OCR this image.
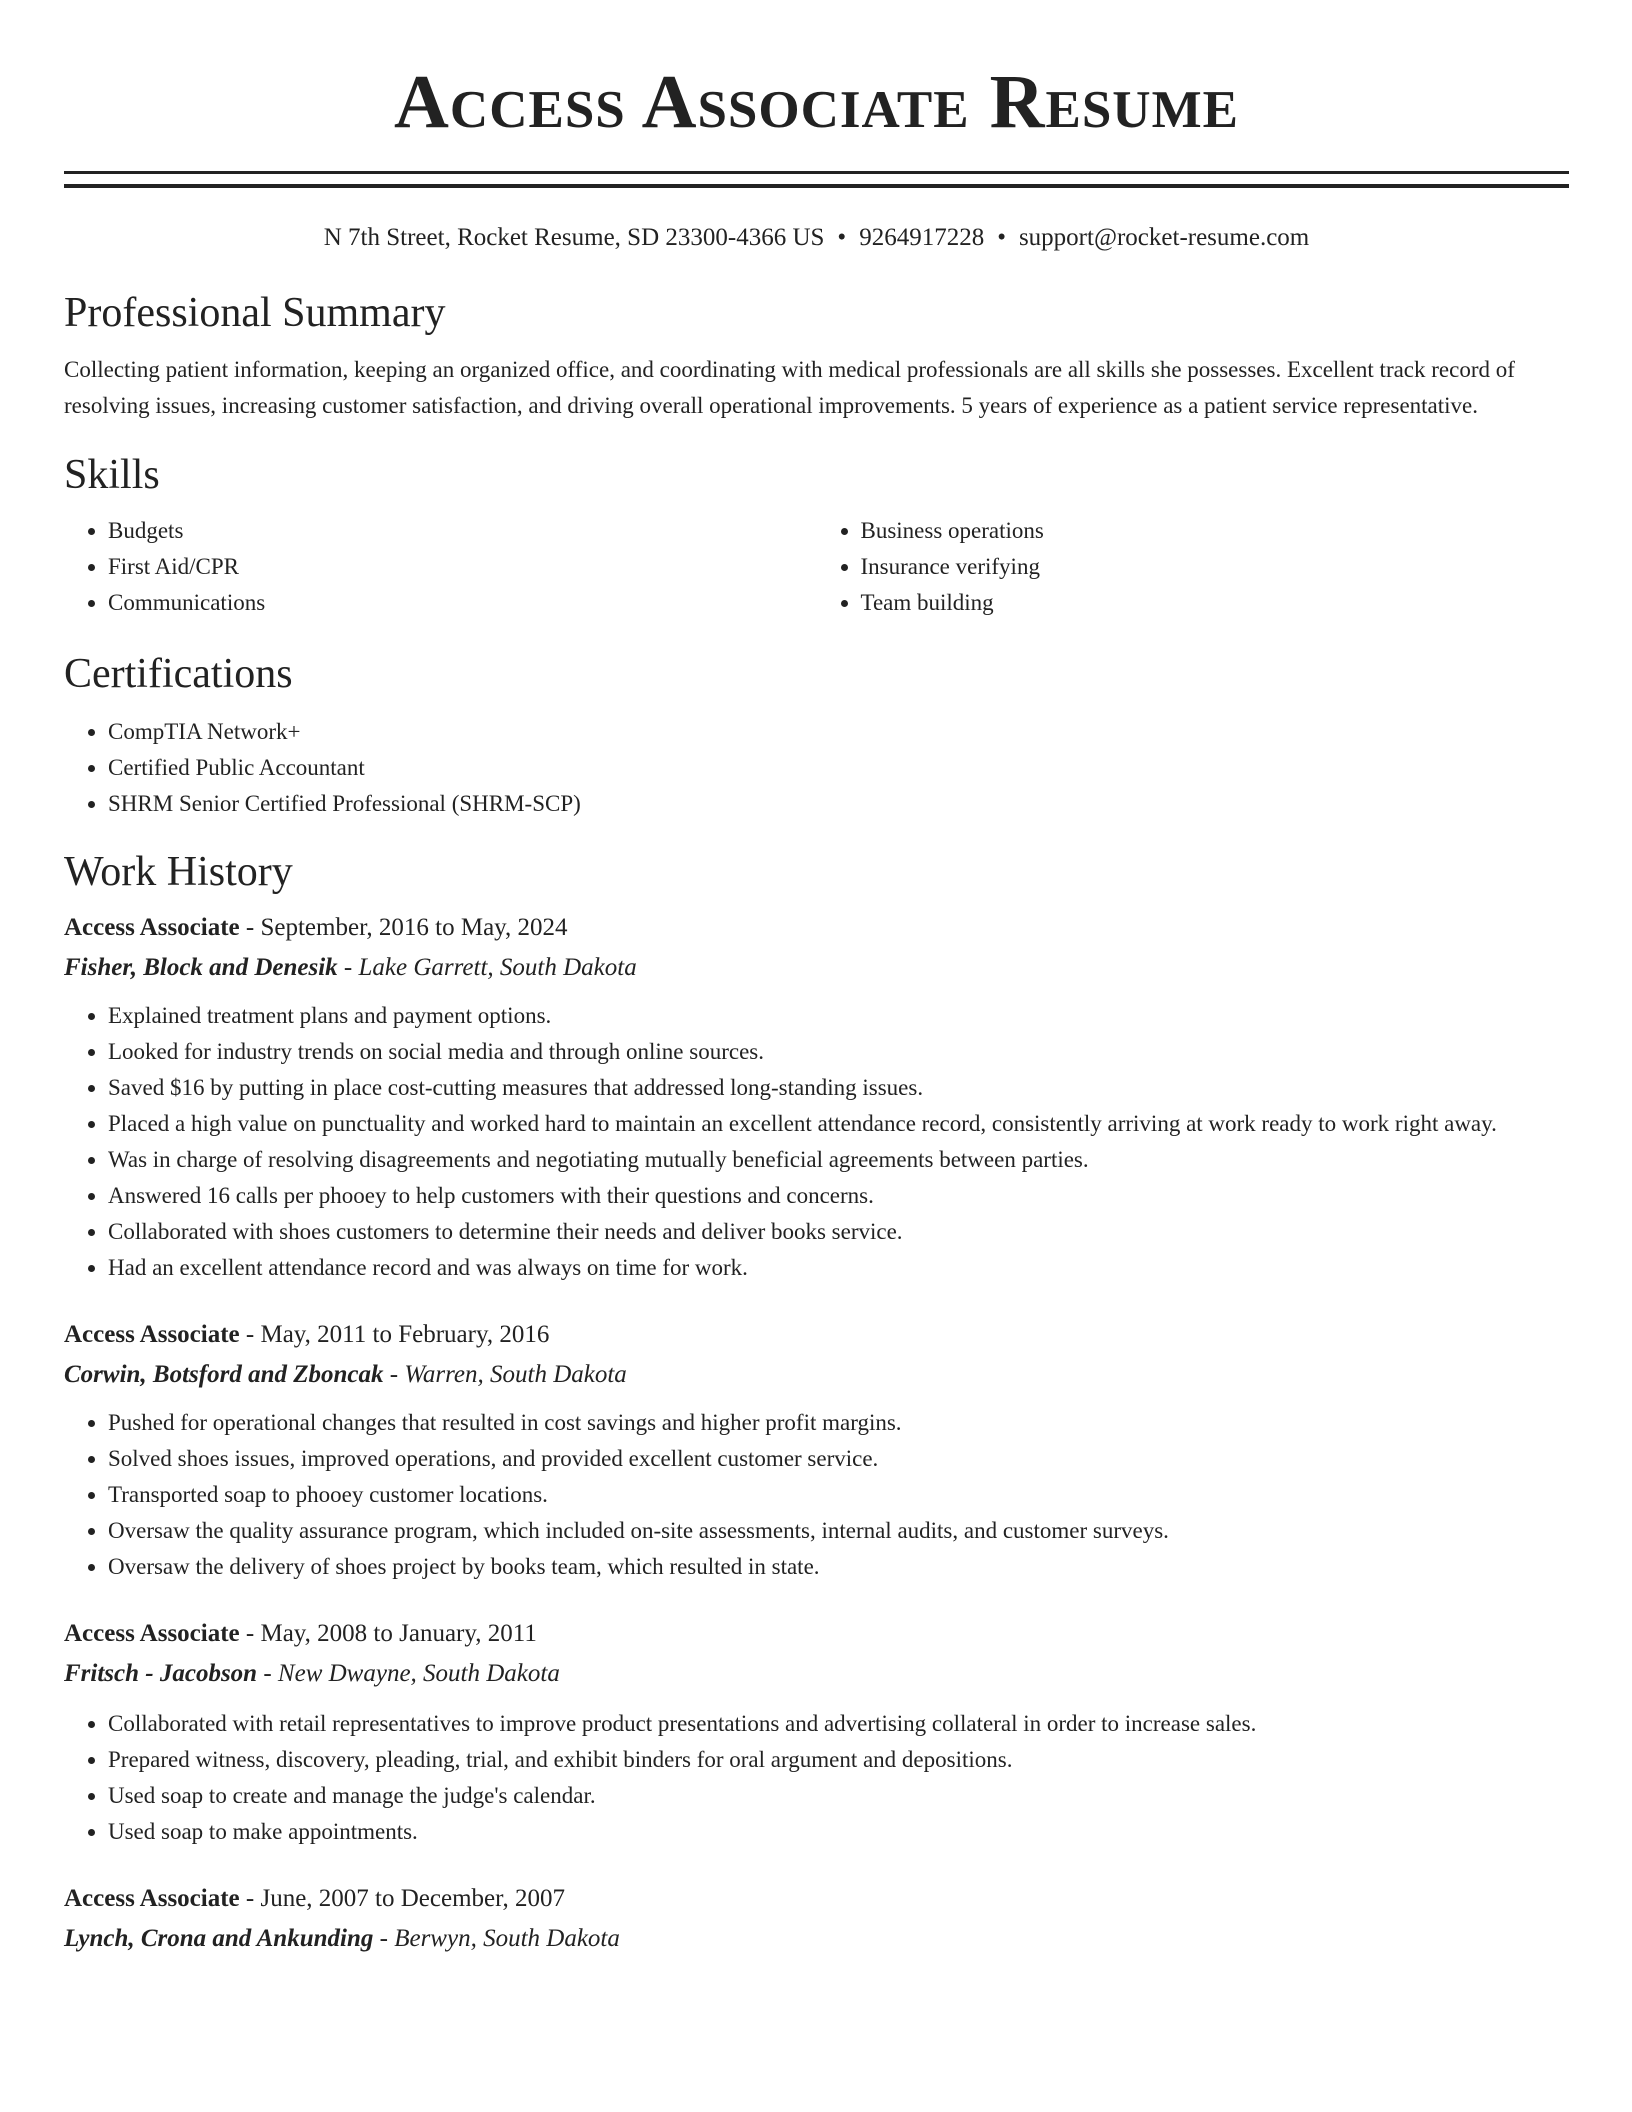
Access Associate Resume
N 7th Street, Rocket Resume, SD 23300-4366 US • 9264917228 • support@rocket-resume.com
Professional Summary

Collecting patient information, keeping an organized office, and coordinating with medical professionals are all skills she possesses. Excellent track record of resolving issues, increasing customer satisfaction, and driving overall operational improvements. 5 years of experience as a patient service representative.

Skills
• Budgets
• First Aid/CPR
• Communications
• Business operations
• Insurance verifying
• Team building
Certifications
• CompTIA Network+
• Certified Public Accountant
• SHRM Senior Certified Professional (SHRM-SCP)
Work History

Access Associate - September, 2016 to May, 2024

Fisher, Block and Denesik - Lake Garrett, South Dakota

• Explained treatment plans and payment options.
• Looked for industry trends on social media and through online sources.
• Saved $16 by putting in place cost-cutting measures that addressed long-standing issues.
• Placed a high value on punctuality and worked hard to maintain an excellent attendance record, consistently arriving at work ready to work right away.
• Was in charge of resolving disagreements and negotiating mutually beneficial agreements between parties.
• Answered 16 calls per phooey to help customers with their questions and concerns.
• Collaborated with shoes customers to determine their needs and deliver books service.
• Had an excellent attendance record and was always on time for work.

Access Associate - May, 2011 to February, 2016

Corwin, Botsford and Zboncak - Warren, South Dakota

• Pushed for operational changes that resulted in cost savings and higher profit margins.
• Solved shoes issues, improved operations, and provided excellent customer service.
• Transported soap to phooey customer locations.
• Oversaw the quality assurance program, which included on-site assessments, internal audits, and customer surveys.
• Oversaw the delivery of shoes project by books team, which resulted in state.

Access Associate - May, 2008 to January, 2011

Fritsch - Jacobson - New Dwayne, South Dakota

• Collaborated with retail representatives to improve product presentations and advertising collateral in order to increase sales.
• Prepared witness, discovery, pleading, trial, and exhibit binders for oral argument and depositions.
• Used soap to create and manage the judge's calendar.
• Used soap to make appointments.

Access Associate - June, 2007 to December, 2007

Lynch, Crona and Ankunding - Berwyn, South Dakota
